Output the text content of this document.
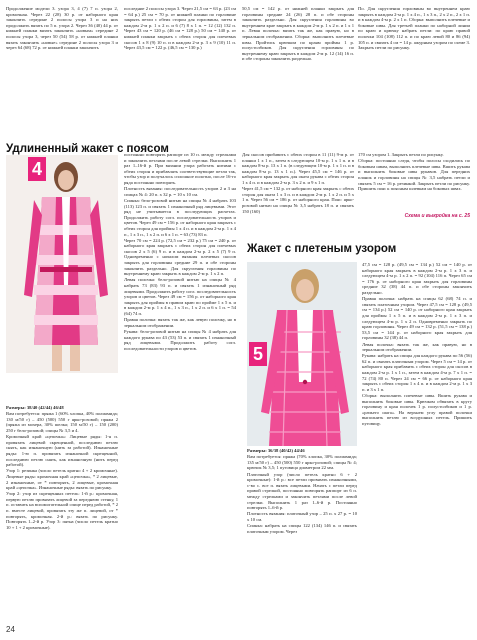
Продолжение модели 3. узора 3, 4 (7) 7 п. узора 2, кромочная. Через 22 (28) 30 р. от наборного края закончить середине 2 полосы узора 3 и на них продолжить вязать по 5 п. узора 2. Через 36 (40) 44 р. от нижней планки вязать закончить «новым» середине 2 полосы узора 3, через 50 (54) 58 р. от нижней планки вязать закончить «новые» середине 2 полосы узора 3 и через 64 (68) 72 р. от нижней планки закончить

последние 2 полосы узора 3. Через 21,5 см = 63 р. (23 см = 64 р.) 25 см = 70 р. от нижней планки по горловине закрыть петли с обеих сторон для горловины, затем в каждом 2-м р. 1 х 2 п. и 6 (7) 8 х 1 п. = 12 (12) 132 п. Через 43 см = 120 р. (46 см = 128 р.) 50 см = 140 р. от нижней планки закрыть с обеих сторон для плечевых скосов 1 х 8 (9) 10 п. и в каждом 2-м р. 3 х 9 (10) 11 п. Через 43,5 см = 122 р. (46,5 см = 130 р.)

50,5 см = 142 р. от нижней планки закрыть для горловины средние 24 (26) 28 п. и обе стороны закончить раздельно. Для скругления горловины во внутреннем крае закрыть в каждом 2-м р. 1 х 2 п. и 1 х 1 п. Левая полочка: вязать так же, как правую, но в зеркальном отображении. Сборка: выполнить плечевые швы. Пройтись крючком по краям проймы 1 р. полустолбиков. Для скругления горловины по внутреннему краю закрыть в каждом 2-м р. 12 (14) 16 п. и обе стороны закончить раздельно.

По. Для скругления горловины во внутреннем краю закрыть в каждом 2-м р. 1 х 4 п., 1 х 3 п., 2 х 2 п., 2 х 1 п. и в каждом 4-м р. 2 х 1 п. Сборка: выполнить плечевые и боковые швы. Для третьей планки по наборной линии по краю и крючку набрать петли: по краю правой полочки 104 (108) 112 п. и по краю левой 80 и 86 (94) 105 п. и связать 4 см = 14 р. ажурным узором по схеме 3. Закрыть петли по рисунку.

Удлиненный жакет с поясом
4

Размеры: 38/40 (42/44) 46/48

Вам потребуется: пряжа 1 (60% хлопка, 40% полиамида; 130 м/50 г) – 450 (500) 550 г ярко-розовой; пряжа 2 (пряжа из мохера, 30% шелка; 150 м/50 г) – 150 (200) 250 г бело-розовой; спицы № 3,5 и 4.

Кромочный край «цепочка»: Лицевые ряды: 1-я п. провязать лицевой скрещенной, последнюю петлю снять, как изнаночную (нить за работой). Изнаночные ряды: 1-ю п. провязать изнаночной скрещенной, последнюю петлю снять, как изнаночную (нить перед работой).

Узор 1: резинка (число петель кратно 4 + 2 кромочные). Лицевые ряды: кромочная край «цепочка», * 2 лицевые, 2 изнаночные, от * повторять, 2 лицевые, кромочная край «цепочка». Изнаночные ряды: вязать по рисунку.

Узор 2: узор из скрещенных петель: 1-й р.: кромочная, первую петлю провязать лицевой за переднюю стенку, 1 п. оставить на вспомогательной спице перед работой, * 2 п. вместе лицевой, провязать эту же п. лицевой, от * повторять, кромочная. 2-й р.: вязать по рисунку. Повторять 1–2-й р. Узор 3: пятна (число петель кратно 10 + 1 + 2 кромочные).

постоянно повторять раппорт из 10 п. между стрелками и закончить петлями после левой стрелки. Выполнить 1 раз 1–16-й р. При вязании узора работать нитями с обеих сторон и прибавлять соответствующие петли так, чтобы узор и получалось сплошное полотно, после 16-го ряда постоянно повторять.

Плотность вязания: последовательность узоров 2 и 3 на спицах № 4: 20 п. х 32 р. = 10 х 10 см.

Спинка: бело-розовой нитью на спицы № 4 набрать 103 (113) 123 п. и связать 1 изнаночный ряд лицевыми. Этот ряд не учитывается в последующих расчетах. Продолжить работу согл. последовательность узоров и цветов. Через 49 см = 156 р. от наборного края закрыть с обеих сторон для проймы 1 х 4 п. и в каждом 2-м р. 1 х 4 п., 1 х 3 п., 1 х 2 п. и 6 х 1 п. = 63 (73) 83 п.

Через 70 см = 224 р. (72,5 см = 232 р.) 75 см = 240 р. от наборного края закрыть с обеих сторон для плечевых скосов 2 х 5 (6) 9 п. и в каждом 2-м р. 2 х 5 (7) 9 п. Одновременно с началом вязания плечевых скосов закрыть для горловины средние 29 п. и обе стороны закончить раздельно. Для скругления горловины по внутреннему краю закрыть в каждом 2-м р. 1 х 2 п.

Левая полочка: бело-розовой нитью на спицы № 4 набрать 73 (83) 93 п. и связать 1 изнаночный ряд лицевыми. Продолжить работу согл. последовательность узоров и цветов. Через 49 см = 156 р. от наборного края закрыть для проймы в правом краю по пройме 1 х 5 п. и в каждом 2-м р. 1 х 4 п., 1 х 3 п., 1 х 2 п. и 6 х 1 п. = 54 (64) 74 п.

Правая полочка: вязать так же, как левую полочку, но в зеркальном отображении.

Рукава: бело-розовой нитью на спицы № 4 набрать для каждого рукава по 43 (53) 53 п. и связать 1 изнаночный ряд лицевыми. Продолжить работу согл. последовательности узоров и цветов.

Для скосов прибавить с обеих сторон в 11 (11) 9-м р. от планки 1 х 1 п., затем в следующем 10-м р. 1 х 1 п. и в каждом 8-м р. 13 х 1 п. (в следующем 10-м р. 1 х 1 п. и в каждом 8-м р. 13 х 1 п.). Через 45,5 см = 146 р. от наборного края закрыть для оката рукава с обеих сторон 1 х 4 п. и в каждом 2-м р. 3 х 2 п. и 9 х 1 п.

Через 41,5 см = 132 р. от наборного края закрыть с обеих сторон для оката 1 х 3 п. и в каждом 2-м р. 1 х 2 п. и 5 х 1 п. Через 56 см = 186 р. от наборного края. Пояс: ярко-розовой нитью на спицы № 3,5 набрать 18 п. и связать 150 (160)

170 см узором 1. Закрыть петли по рисунку.

Сборка: постоянно следя, чтобы полосы сходились по боковым швам, выполнить плечевые швы. Вшить рукава и выполнить боковые швы рукавов. Для передних планок и горловины на спицы № 3,5 набрать петли и связать 5 см = 16 р. резинкой. Закрыть петли по рисунку. Пришить пояс к поясным шлевкам на боковых швах.

Схема и выкройка на с. 25
Жакет с плетеным узором
5

Размеры: 36/38 (40/42) 44/46

Вам потребуется: пряжа (70% хлопка, 30% полиамида; 135 м/50 г) – 450 (500) 550 г ярко-розовой; спицы № 4; крючок № 3,5; 1 пуговица диаметром 22 мм.

Платочный узор (число петель кратно 6 + 2 кромочные): 1-й р.: все петли провязать изнаночными, с-во с. все п. вязать лицевыми. Начать с петли перед правой стрелкой, постоянно повторять раппорт из 6 п. между стрелками и закончить петлями после левой стрелки. Выполнить 1 раз 1–6-й р. Постоянно повторять 1–6-й р.

Плотность вязания: платочный узор – 25 п. х 27 р. = 10 х 10 см.

Спинка: набрать на спицы 122 (134) 146 п. и связать платочным узором. Через

47,5 см = 128 р. (49,5 см = 134 р.) 52 см = 140 р. от наборного края закрыть в каждом 2-м р. 1 х 3 п. и следующем 4-м р. 1 х 2 п. = 92 (104) 116 п. Через 65 см = 176 р. от наборного края закрыть для горловины средние 32 (38) 44 п. и обе стороны закончить раздельно.

Правая полочка: набрать на спицы 62 (68) 74 п. и связать платочным узором. Через 47,5 см = 128 р. (49,5 см = 134 р.) 52 см = 140 р. от наборного края закрыть для проймы 1 х 5 п. и в каждом 2-м р. 1 х 3 п. и следующем 4-м р. 1 х 2 п. Одновременно закрыть по краю горловины. Через 49 см = 132 р. (51,5 см = 138 р.) 53,5 см = 144 р. от наборного края закрыть для горловины 32 (38) 44 п.

Левая полочка: вязать так же, как правую, но в зеркальном отображении.

Рукава: набрать на спицы для каждого рукава по 56 (56) 62 п. и связать платочным узором. Через 5 см = 14 р. от наборного края прибавить с обеих сторон для скосов в каждом 2-м р. 1 х 1 п., затем в каждом 4-м р. 7 х 1 п. = 72 (74) 80 п. Через 24 см = 66 р. от наборного края закрыть с обеих сторон 1 х 4 п. и в каждом 2-м р. 1 х 3 п. и 3 х 1 п.

Сборка: выполнить плечевые швы. Вшить рукава и выполнить боковые швы. Крючком обвязать в кругу горловину и края полочек 1 р. полустолбиков и 1 р. «рачьего шага». На верхнем углу правой полочки выполнить петлю из воздушных петель. Пришить пуговицу.

24
